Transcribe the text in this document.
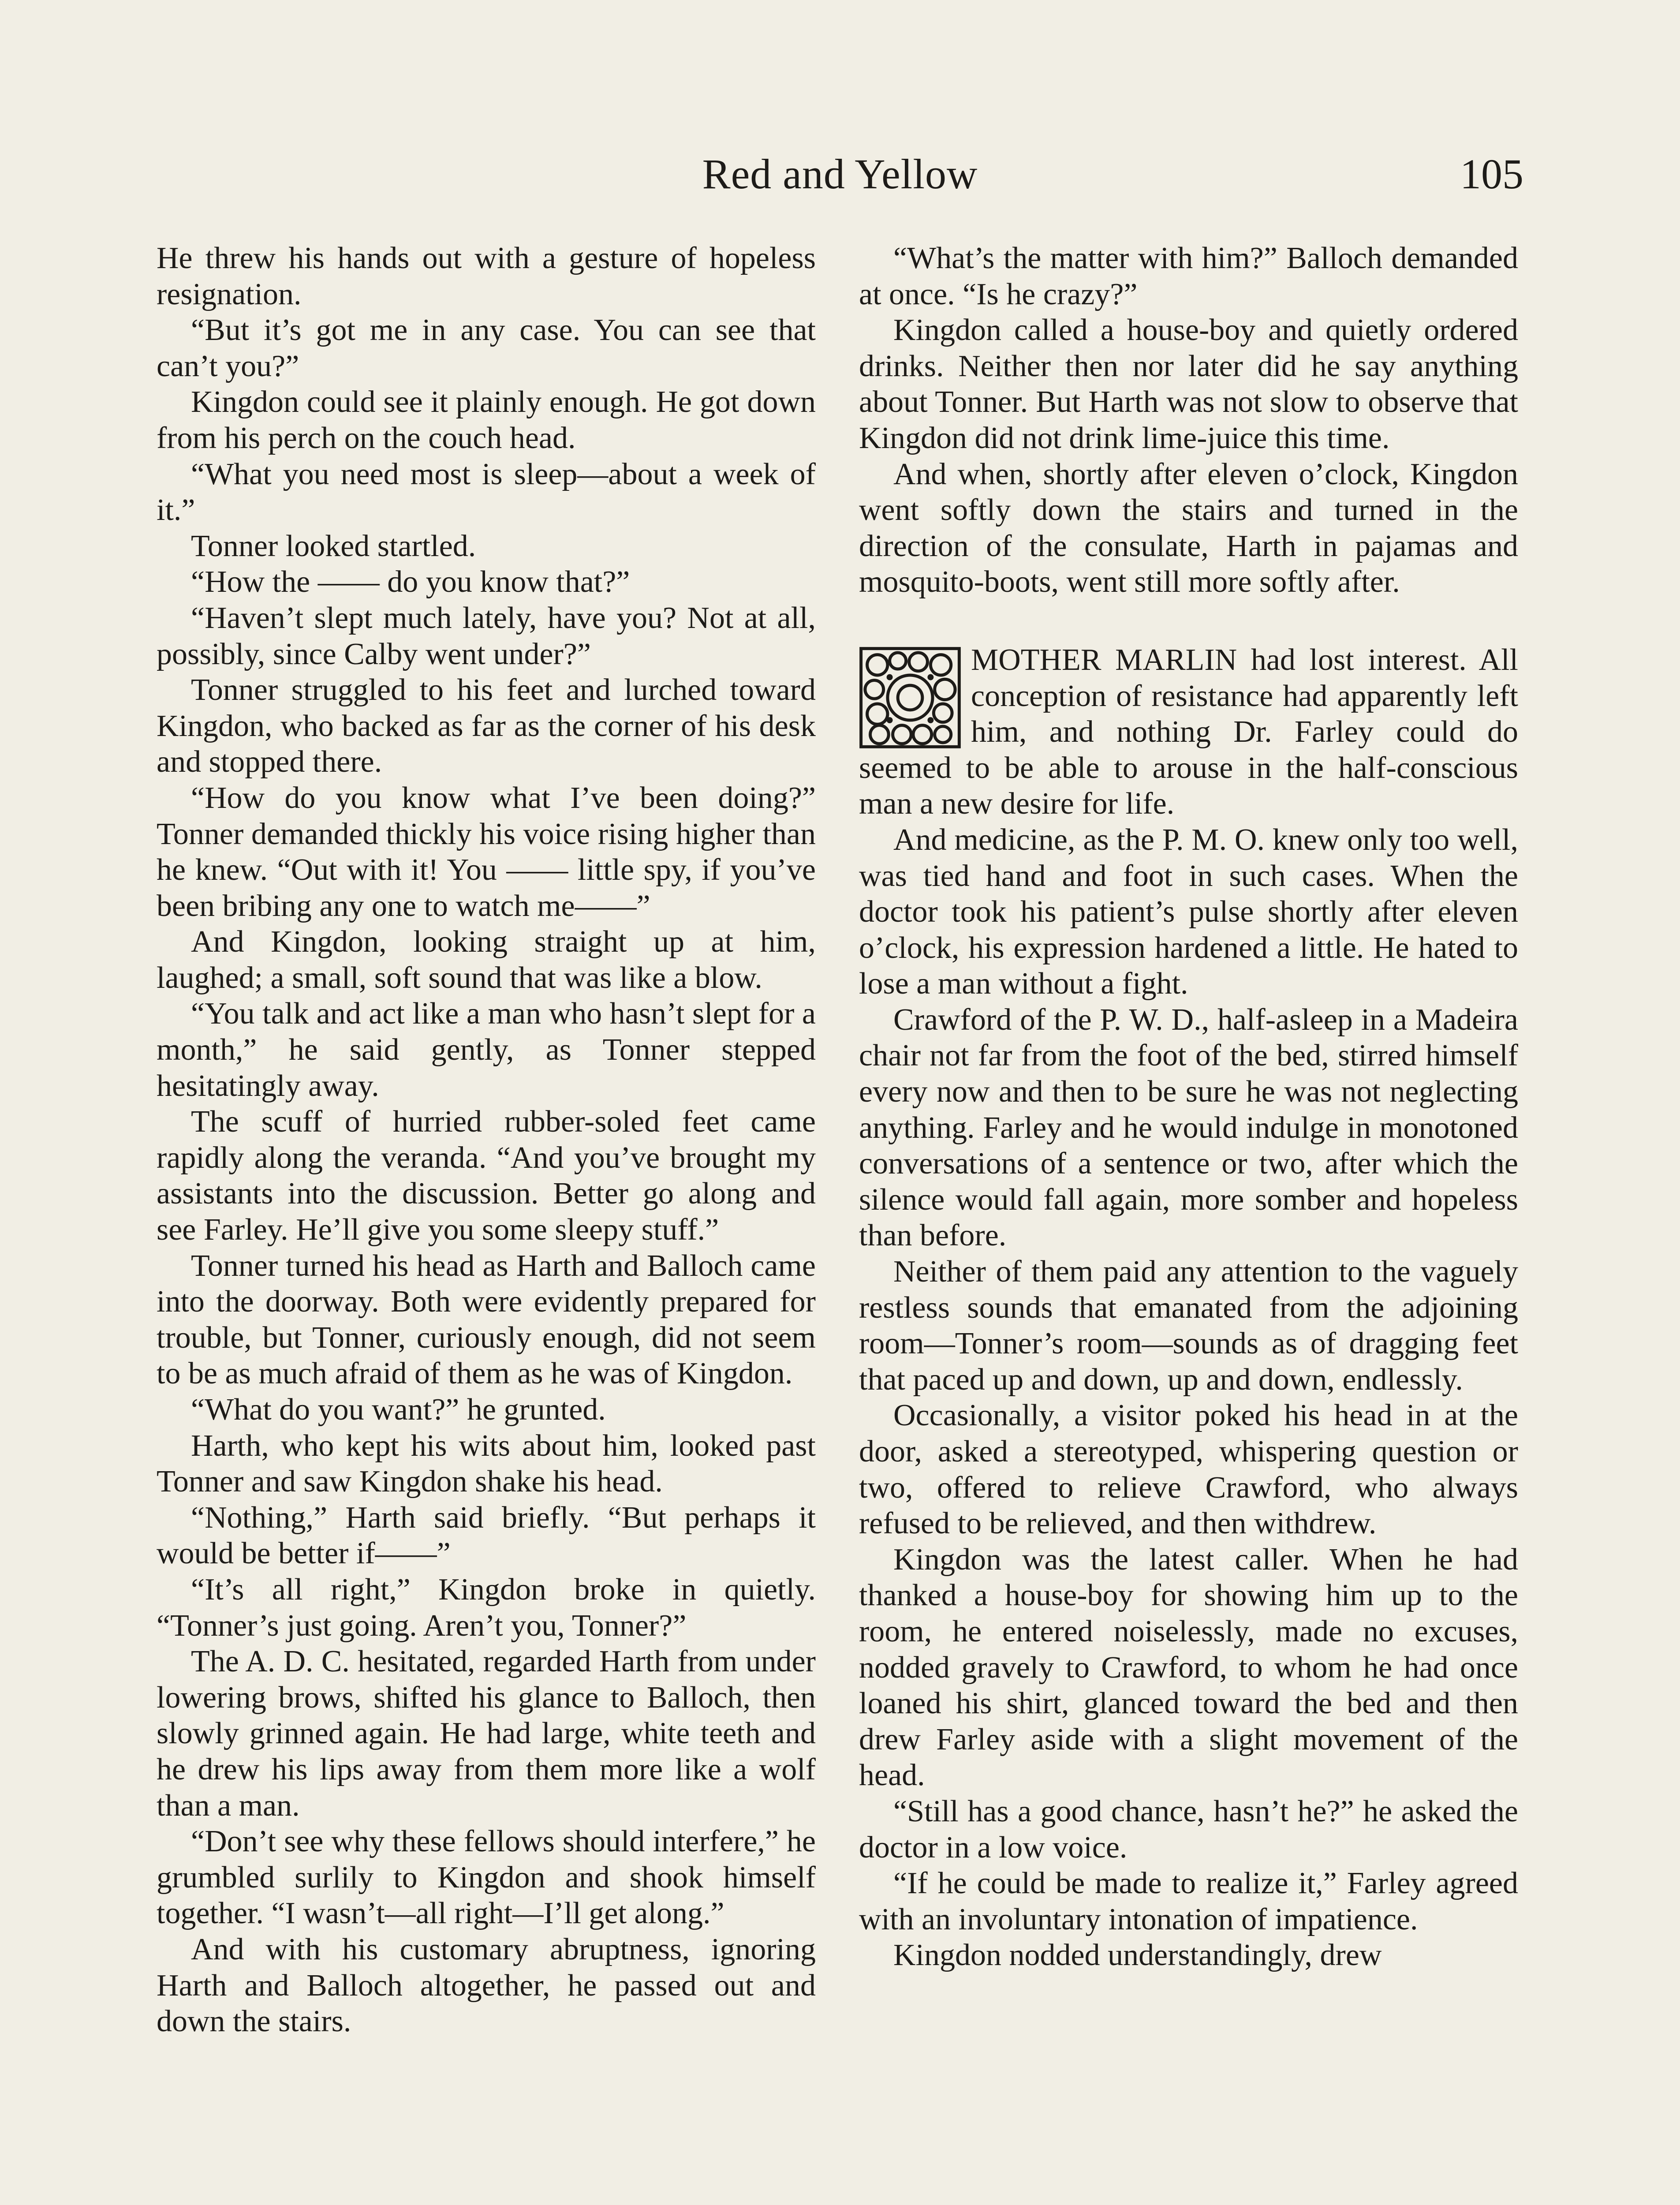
Red and Yellow	105

He threw his hands out with a gesture of hopeless resignation.

“But it’s got me in any case. You can see that can’t you?”

Kingdon could see it plainly enough. He got down from his perch on the couch head.

“What you need most is sleep—about a week of it.”

Tonner looked startled.

“How the —— do you know that?”

“Haven’t slept much lately, have you? Not at all, possibly, since Calby went under?”

Tonner struggled to his feet and lurched toward Kingdon, who backed as far as the corner of his desk and stopped there.

“How do you know what I’ve been doing?” Tonner demanded thickly his voice rising higher than he knew. “Out with it! You —— little spy, if you’ve been bribing any one to watch me——”

And Kingdon, looking straight up at him, laughed; a small, soft sound that was like a blow.

“You talk and act like a man who hasn’t slept for a month,” he said gently, as Tonner stepped hesitatingly away.

The scuff of hurried rubber-soled feet came rapidly along the veranda. “And you’ve brought my assistants into the discussion. Better go along and see Farley. He’ll give you some sleepy stuff.”

Tonner turned his head as Harth and Balloch came into the doorway. Both were evidently prepared for trouble, but Tonner, curiously enough, did not seem to be as much afraid of them as he was of Kingdon.

“What do you want?” he grunted.

Harth, who kept his wits about him, looked past Tonner and saw Kingdon shake his head.

“Nothing,” Harth said briefly. “But perhaps it would be better if——”

“It’s all right,” Kingdon broke in quietly. “Tonner’s just going. Aren’t you, Tonner?”

The A. D. C. hesitated, regarded Harth from under lowering brows, shifted his glance to Balloch, then slowly grinned again. He had large, white teeth and he drew his lips away from them more like a wolf than a man.

“Don’t see why these fellows should interfere,” he grumbled surlily to Kingdon and shook himself together. “I wasn’t—all right—I’ll get along.”

And with his customary abruptness, ignoring Harth and Balloch altogether, he passed out and down the stairs.

“What’s the matter with him?” Balloch demanded at once. “Is he crazy?”

Kingdon called a house-boy and quietly ordered drinks. Neither then nor later did he say anything about Tonner. But Harth was not slow to observe that Kingdon did not drink lime-juice this time.

And when, shortly after eleven o’clock, Kingdon went softly down the stairs and turned in the direction of the consulate, Harth in pajamas and mosquito-boots, went still more softly after.

MOTHER MARLIN had lost interest. All conception of resistance had apparently left him, and nothing Dr. Farley could do seemed to be able to arouse in the half-conscious man a new desire for life.

And medicine, as the P. M. O. knew only too well, was tied hand and foot in such cases. When the doctor took his patient’s pulse shortly after eleven o’clock, his expression hardened a little. He hated to lose a man without a fight.

Crawford of the P. W. D., half-asleep in a Madeira chair not far from the foot of the bed, stirred himself every now and then to be sure he was not neglecting anything. Farley and he would indulge in monotoned conversations of a sentence or two, after which the silence would fall again, more somber and hopeless than before.

Neither of them paid any attention to the vaguely restless sounds that emanated from the adjoining room—Tonner’s room—sounds as of dragging feet that paced up and down, up and down, endlessly.

Occasionally, a visitor poked his head in at the door, asked a stereotyped, whispering question or two, offered to relieve Crawford, who always refused to be relieved, and then withdrew.

Kingdon was the latest caller. When he had thanked a house-boy for showing him up to the room, he entered noiselessly, made no excuses, nodded gravely to Crawford, to whom he had once loaned his shirt, glanced toward the bed and then drew Farley aside with a slight movement of the head.

“Still has a good chance, hasn’t he?” he asked the doctor in a low voice.

“If he could be made to realize it,” Farley agreed with an involuntary intonation of impatience.

Kingdon nodded understandingly, drew
